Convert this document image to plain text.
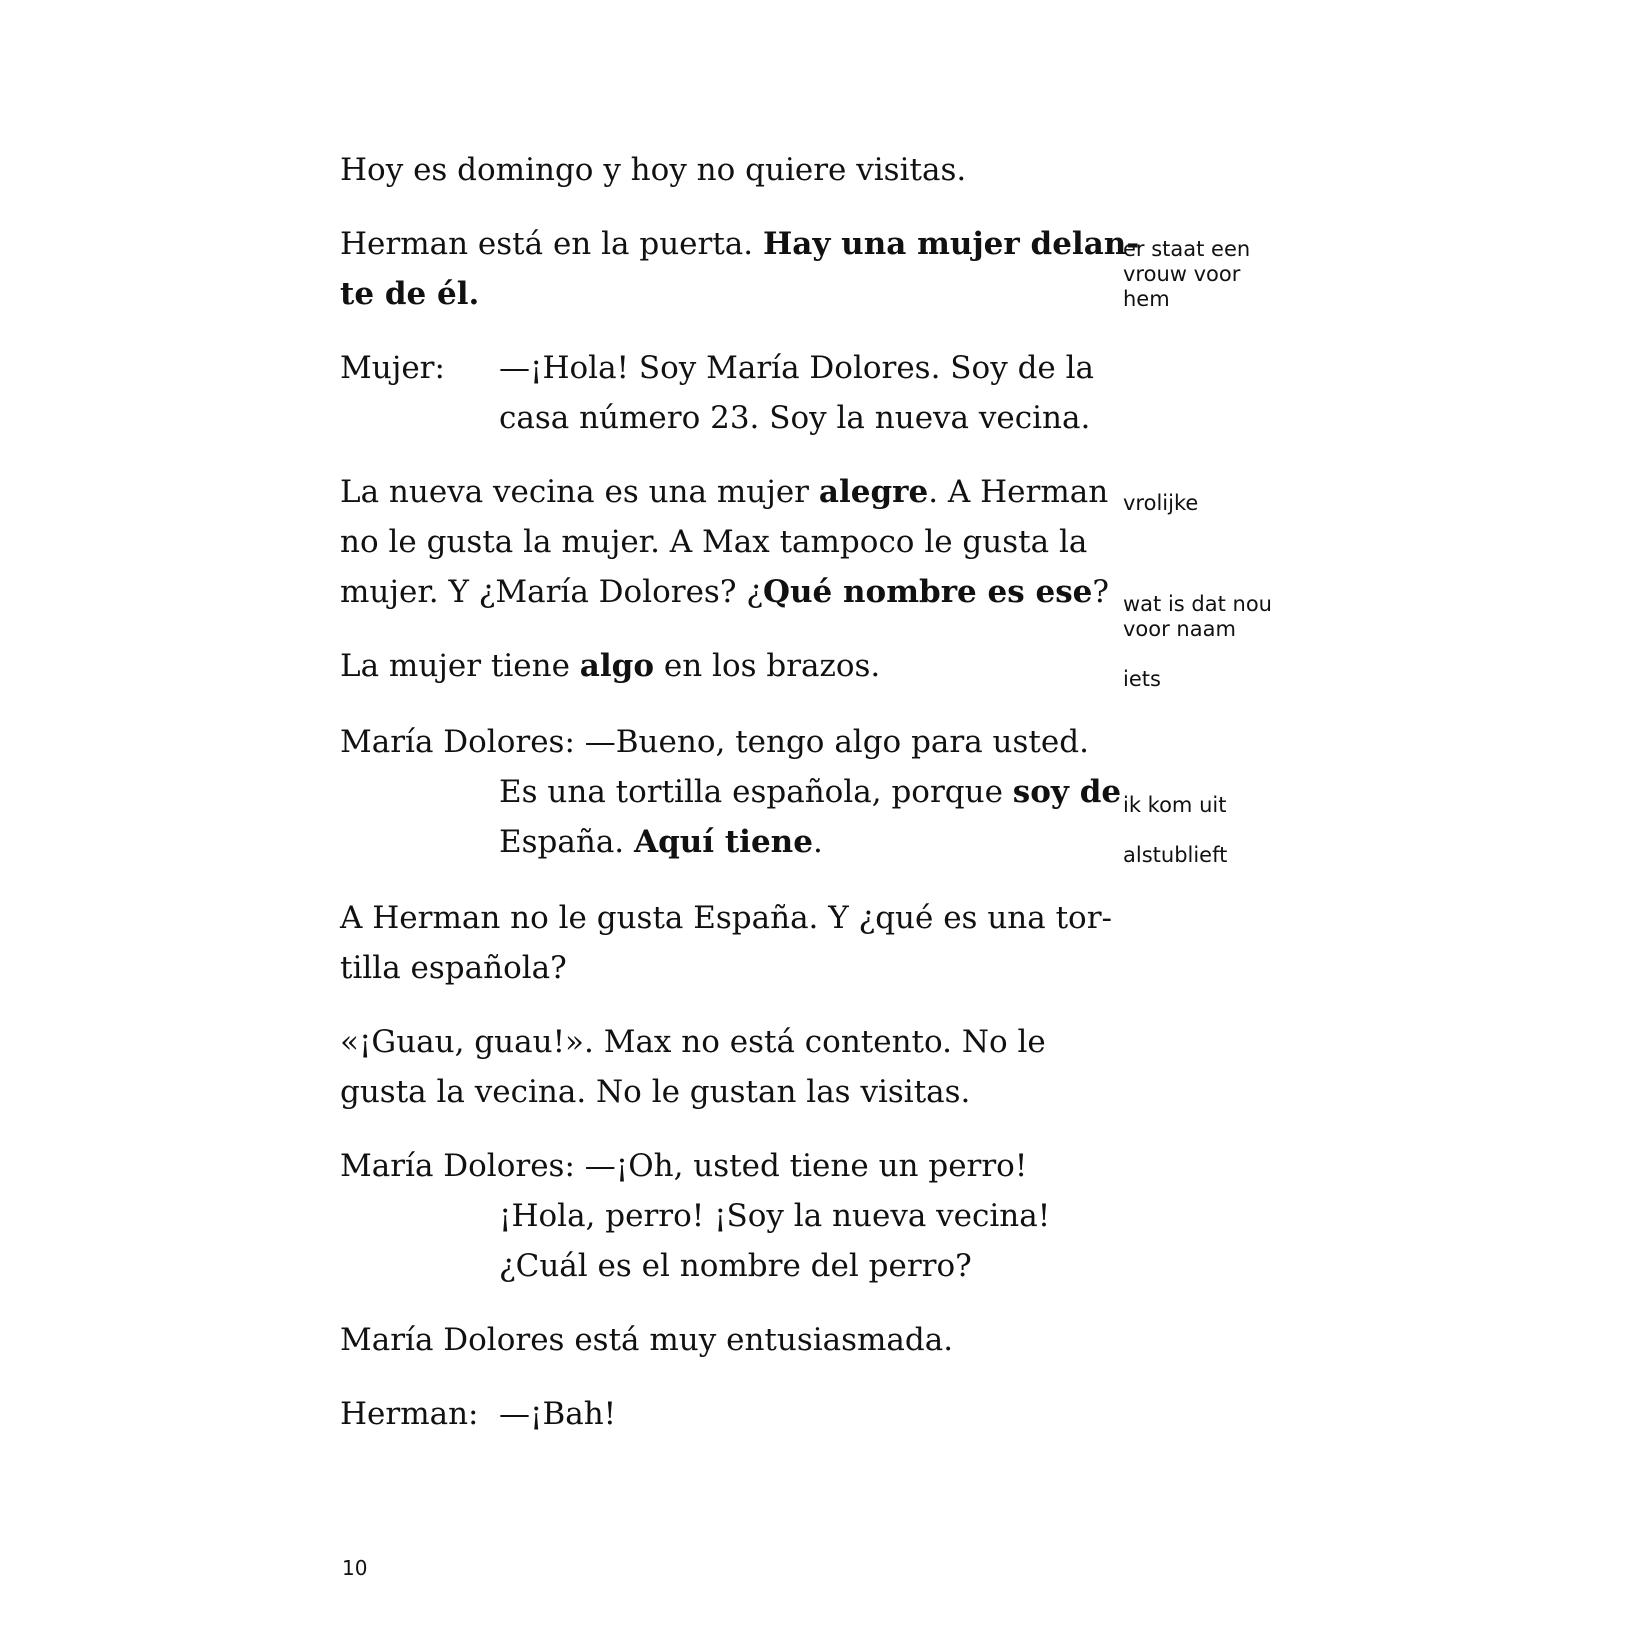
Hoy es domingo y hoy no quiere visitas.
Herman está en la puerta. Hay una mujer delan-
te de él.
er staat een
vrouw voor
hem
Mujer: —¡Hola! Soy María Dolores. Soy de la
casa número 23. Soy la nueva vecina.
La nueva vecina es una mujer alegre. A Herman vrolijke
no le gusta la mujer. A Max tampoco le gusta la
mujer. Y ¿María Dolores? ¿Qué nombre es ese? wat is dat nou
voor naam
La mujer tiene algo en los brazos.	iets
María Dolores: —Bueno, tengo algo para usted.
Es una tortilla española, porque soy de ik kom uit
España. Aquí tiene.	alstublieft
A Herman no le gusta España. Y ¿qué es una tor-
tilla española?
«¡Guau, guau!». Max no está contento. No le
gusta la vecina. No le gustan las visitas.
María Dolores: —¡Oh, usted tiene un perro!
¡Hola, perro! ¡Soy la nueva vecina!
¿Cuál es el nombre del perro?
María Dolores está muy entusiasmada.
Herman: —¡Bah!
10
